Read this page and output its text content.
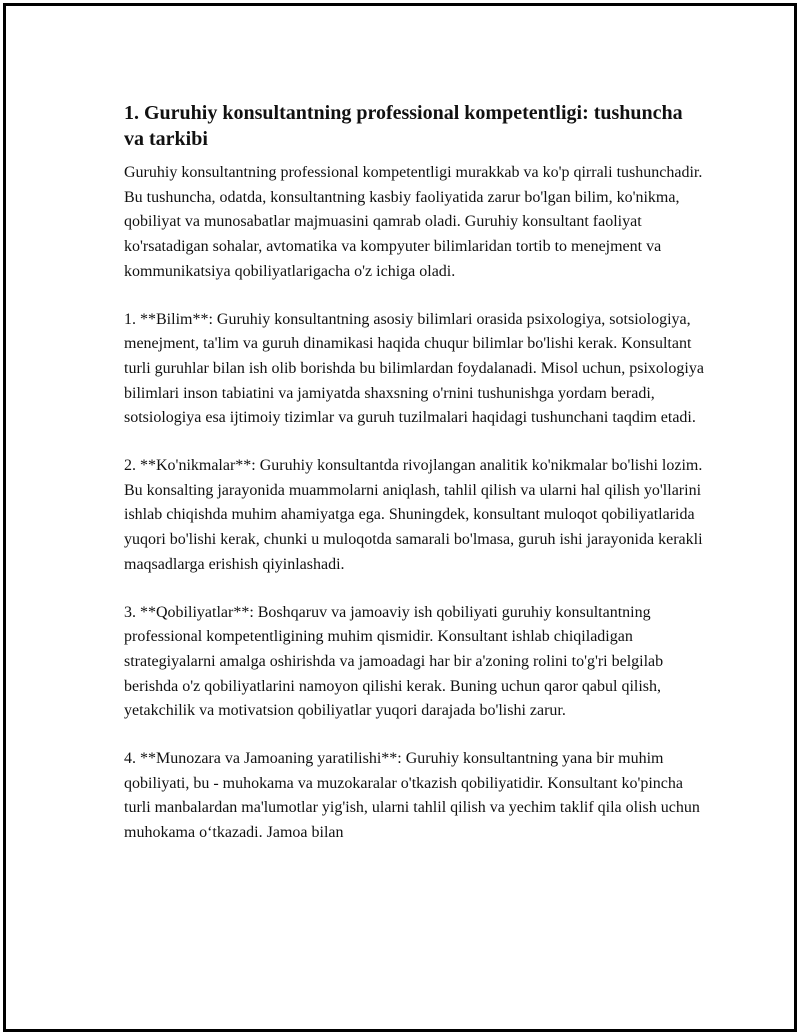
1. Guruhiy konsultantning professional kompetentligi: tushuncha va tarkibi

Guruhiy konsultantning professional kompetentligi murakkab va ko'p qirrali tushunchadir. Bu tushuncha, odatda, konsultantning kasbiy faoliyatida zarur bo'lgan bilim, ko'nikma, qobiliyat va munosabatlar majmuasini qamrab oladi. Guruhiy konsultant faoliyat ko'rsatadigan sohalar, avtomatika va kompyuter bilimlaridan tortib to menejment va kommunikatsiya qobiliyatlarigacha o'z ichiga oladi.

1. **Bilim**: Guruhiy konsultantning asosiy bilimlari orasida psixologiya, sotsiologiya, menejment, ta'lim va guruh dinamikasi haqida chuqur bilimlar bo'lishi kerak. Konsultant turli guruhlar bilan ish olib borishda bu bilimlardan foydalanadi. Misol uchun, psixologiya bilimlari inson tabiatini va jamiyatda shaxsning o'rnini tushunishga yordam beradi, sotsiologiya esa ijtimoiy tizimlar va guruh tuzilmalari haqidagi tushunchani taqdim etadi.

2. **Ko'nikmalar**: Guruhiy konsultantda rivojlangan analitik ko'nikmalar bo'lishi lozim. Bu konsalting jarayonida muammolarni aniqlash, tahlil qilish va ularni hal qilish yo'llarini ishlab chiqishda muhim ahamiyatga ega. Shuningdek, konsultant muloqot qobiliyatlarida yuqori bo'lishi kerak, chunki u muloqotda samarali bo'lmasa, guruh ishi jarayonida kerakli maqsadlarga erishish qiyinlashadi.

3. **Qobiliyatlar**: Boshqaruv va jamoaviy ish qobiliyati guruhiy konsultantning professional kompetentligining muhim qismidir. Konsultant ishlab chiqiladigan strategiyalarni amalga oshirishda va jamoadagi har bir a'zoning rolini to'g'ri belgilab berishda o'z qobiliyatlarini namoyon qilishi kerak. Buning uchun qaror qabul qilish, yetakchilik va motivatsion qobiliyatlar yuqori darajada bo'lishi zarur.

4. **Munozara va Jamoaning yaratilishi**: Guruhiy konsultantning yana bir muhim qobiliyati, bu - muhokama va muzokaralar o'tkazish qobiliyatidir. Konsultant ko'pincha turli manbalardan ma'lumotlar yig'ish, ularni tahlil qilish va yechim taklif qila olish uchun muhokama o‘tkazadi. Jamoa bilan
